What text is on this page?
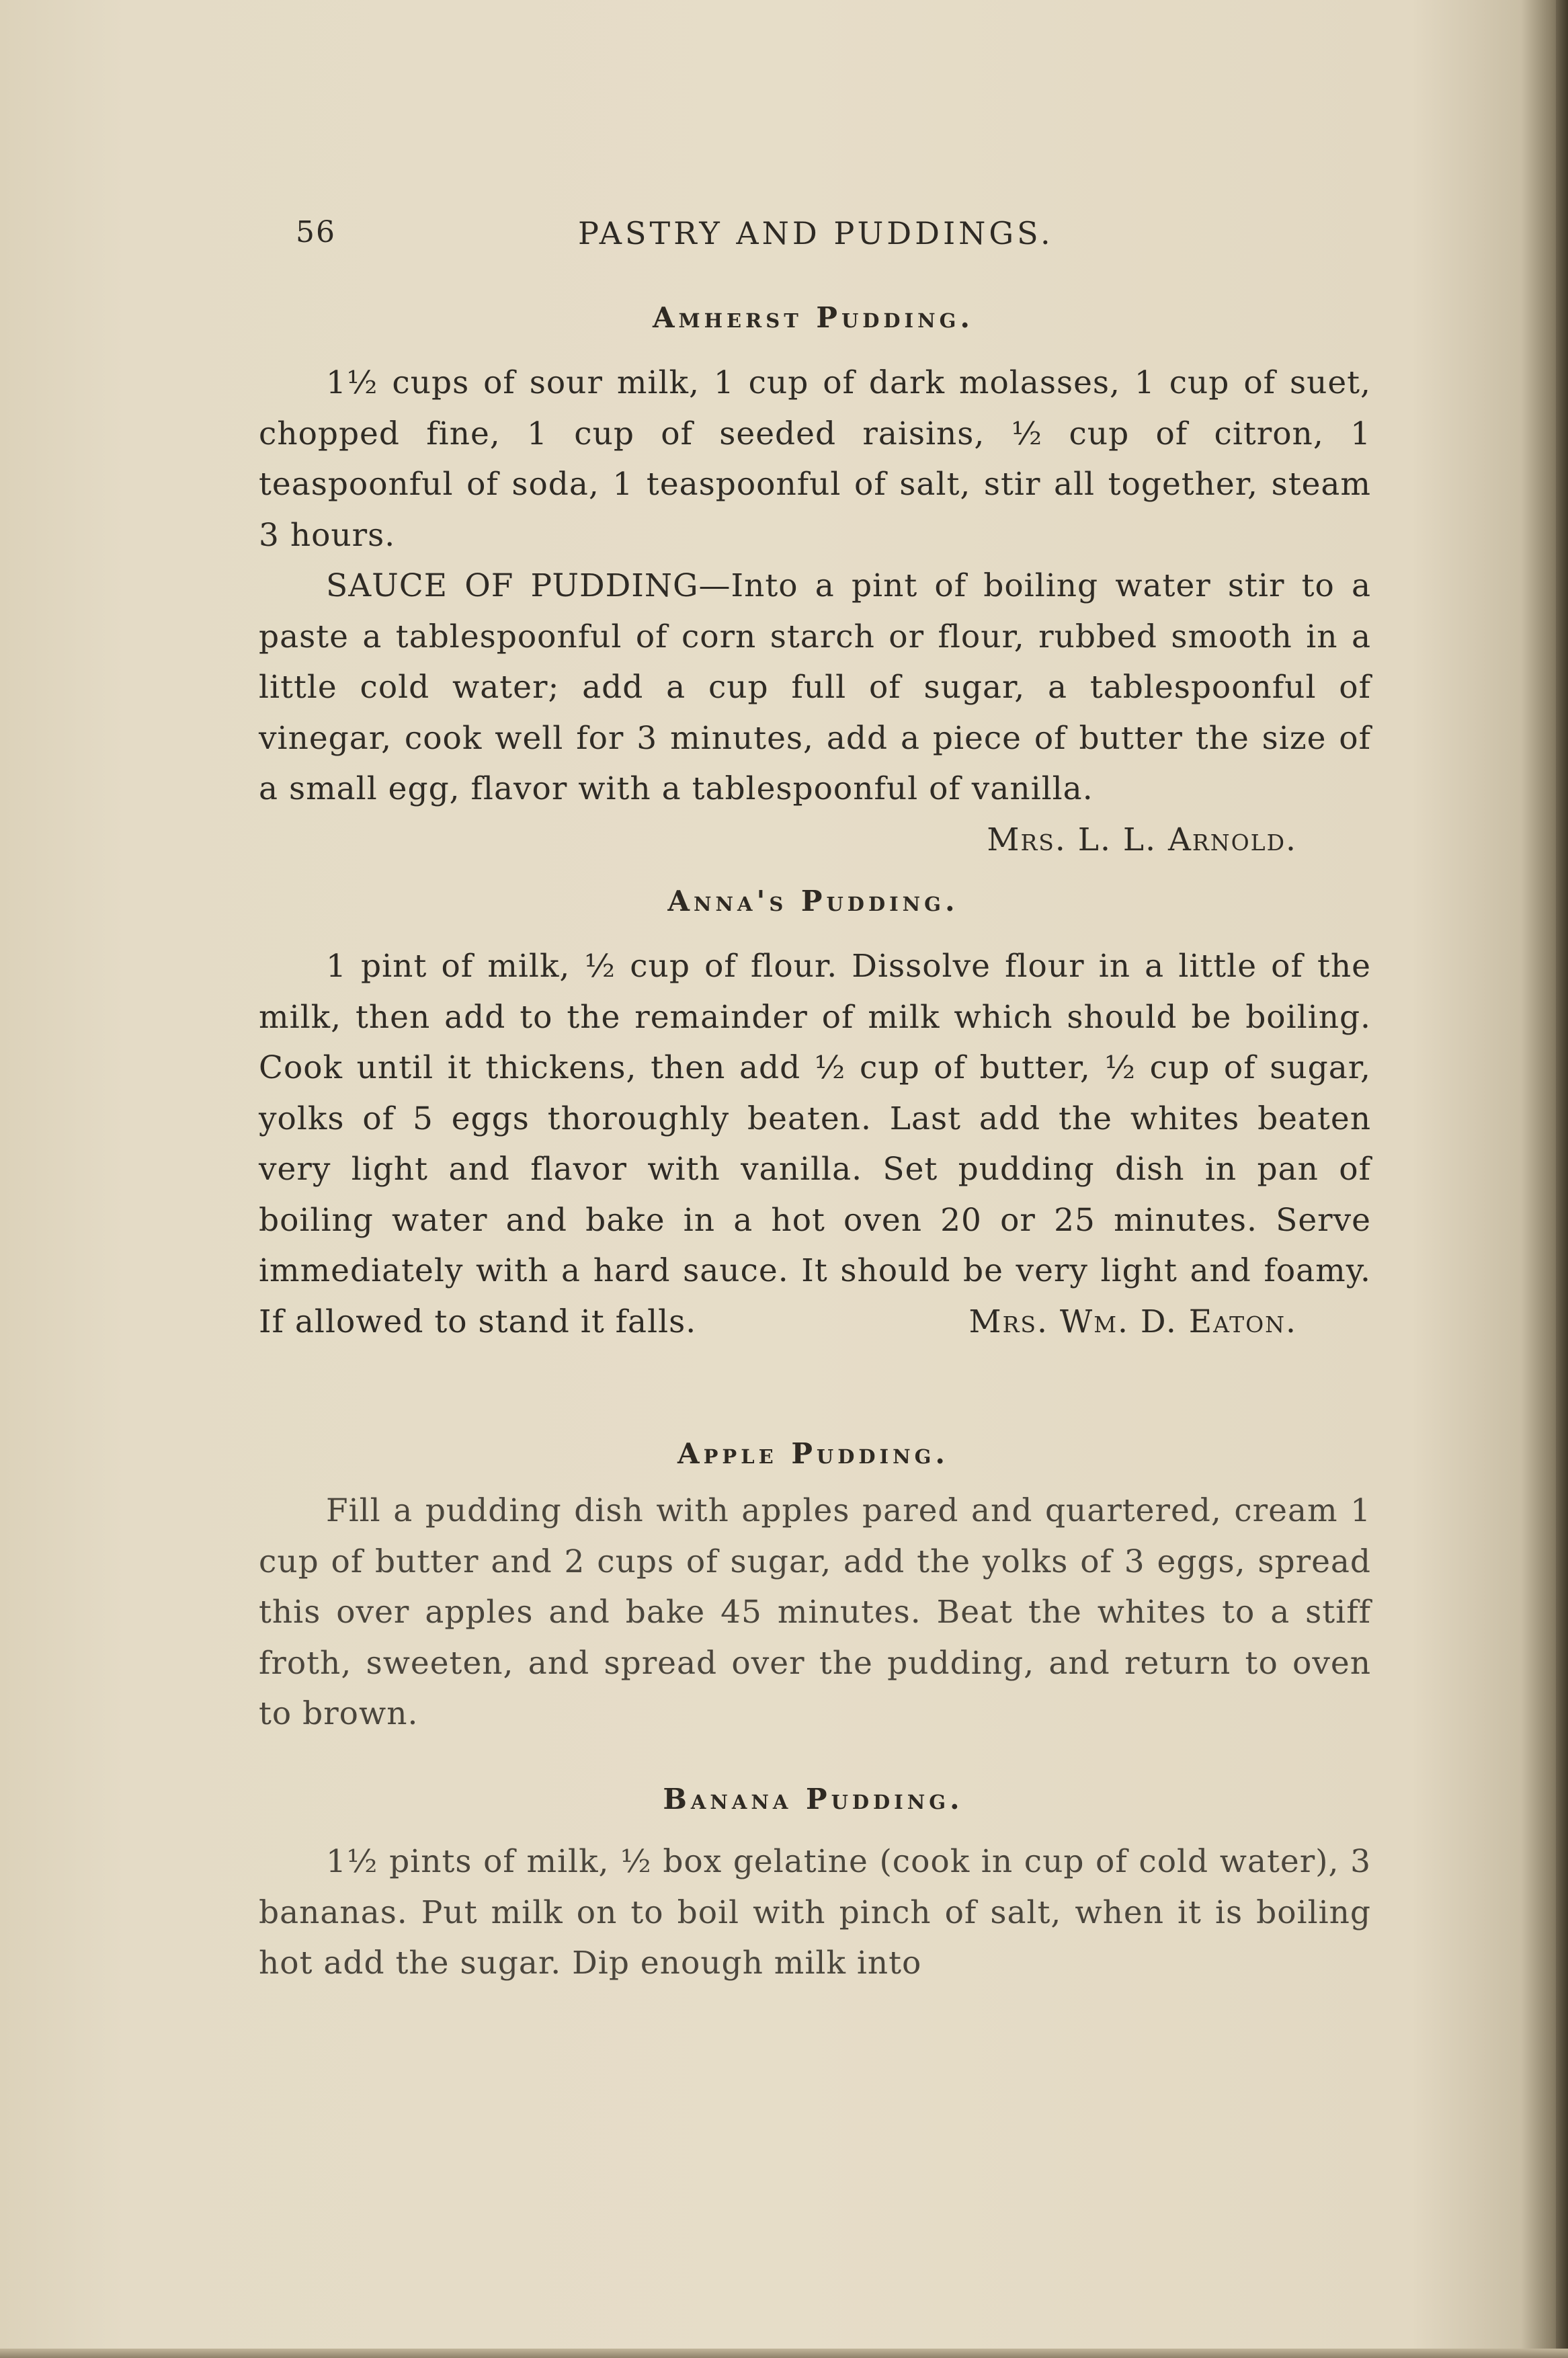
56	PASTRY AND PUDDINGS.
Amherst Pudding.

1½ cups of sour milk, 1 cup of dark molasses, 1 cup of suet, chopped fine, 1 cup of seeded raisins, ½ cup of citron, 1 teaspoonful of soda, 1 teaspoonful of salt, stir all together, steam 3 hours.

SAUCE OF PUDDING—Into a pint of boiling water stir to a paste a tablespoonful of corn starch or flour, rubbed smooth in a little cold water; add a cup full of sugar, a tablespoonful of vinegar, cook well for 3 minutes, add a piece of butter the size of a small egg, flavor with a tablespoonful of vanilla.
Mrs. L. L. Arnold.

Anna's Pudding.

1 pint of milk, ½ cup of flour. Dissolve flour in a little of the milk, then add to the remainder of milk which should be boiling. Cook until it thickens, then add ½ cup of butter, ½ cup of sugar, yolks of 5 eggs thoroughly beaten. Last add the whites beaten very light and flavor with vanilla. Set pudding dish in pan of boiling water and bake in a hot oven 20 or 25 minutes. Serve immediately with a hard sauce. It should be very light and foamy. If allowed to stand it falls.	Mrs. Wm. D. Eaton.

Apple Pudding.

Fill a pudding dish with apples pared and quartered, cream 1 cup of butter and 2 cups of sugar, add the yolks of 3 eggs, spread this over apples and bake 45 minutes. Beat the whites to a stiff froth, sweeten, and spread over the pudding, and return to oven to brown.

Banana Pudding.

1½ pints of milk, ½ box gelatine (cook in cup of cold water), 3 bananas. Put milk on to boil with pinch of salt, when it is boiling hot add the sugar. Dip enough milk into
